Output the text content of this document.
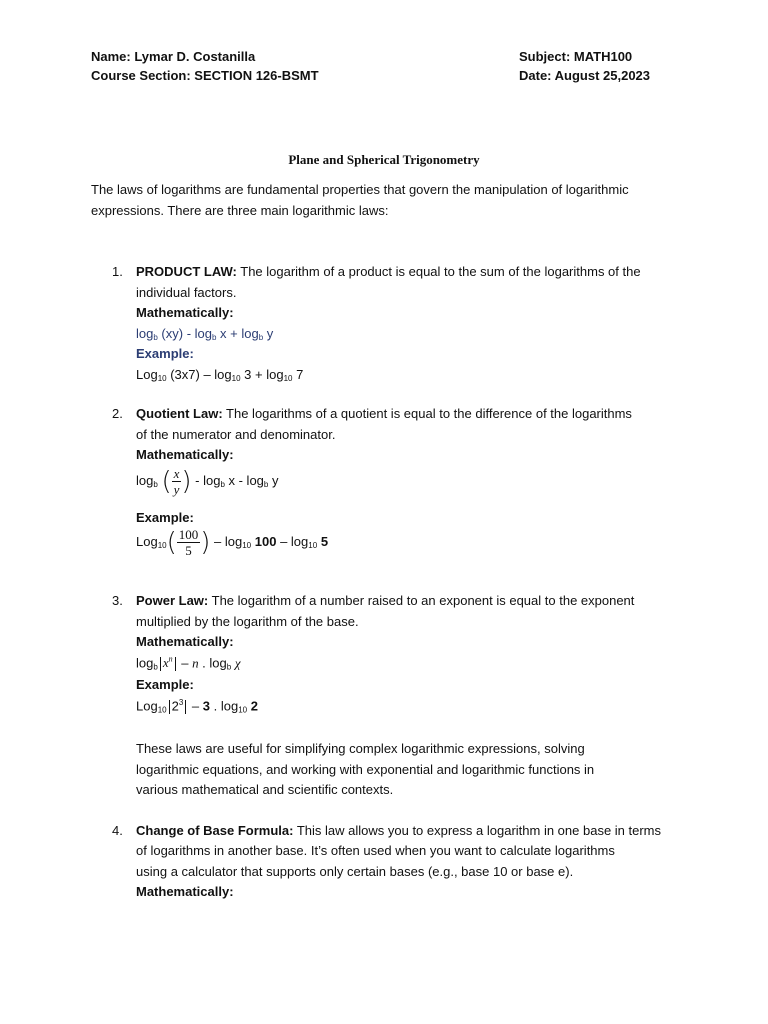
Name: Lymar D. Costanilla
Course Section: SECTION 126-BSMT
Subject: MATH100
Date: August 25,2023
Plane and Spherical Trigonometry
The laws of logarithms are fundamental properties that govern the manipulation of logarithmic
expressions. There are three main logarithmic laws:
1. PRODUCT LAW: The logarithm of a product is equal to the sum of the logarithms of the
individual factors.
Mathematically:
$\log_b (xy) - \log_b x + \log_b y$
Example:
Log$_{10}$ $(3x7) - \log_{10} 3 + \log_{10} 7$
2. Quotient Law: The logarithms of a quotient is equal to the difference of the logarithms
of the numerator and denominator.
Mathematically:
$\log_b$ ( $\frac{x}{y}$ ) - $\log_b x - \log_b y$
Example:
$Log_{10}( \frac{100}{5}$ ) – $\log_{10} 100 - \log_{10} 5$
3. Power Law: The logarithm of a number raised to an exponent is equal to the exponent
multiplied by the logarithm of the base.
Mathematically:
$\log_b x^n$ – n . $\log_b \chi$
Example:
Log$_{10}$ $2^3 - 3$ . $\log_{10} 2$
These laws are useful for simplifying complex logarithmic expressions, solving
logarithmic equations, and working with exponential and logarithmic functions in
various mathematical and scientific contexts.
4. Change of Base Formula: This law allows you to express a logarithm in one base in terms
of logarithms in another base. It’s often used when you want to calculate logarithms
using a calculator that supports only certain bases (e.g., base 10 or base e).
Mathematically:
